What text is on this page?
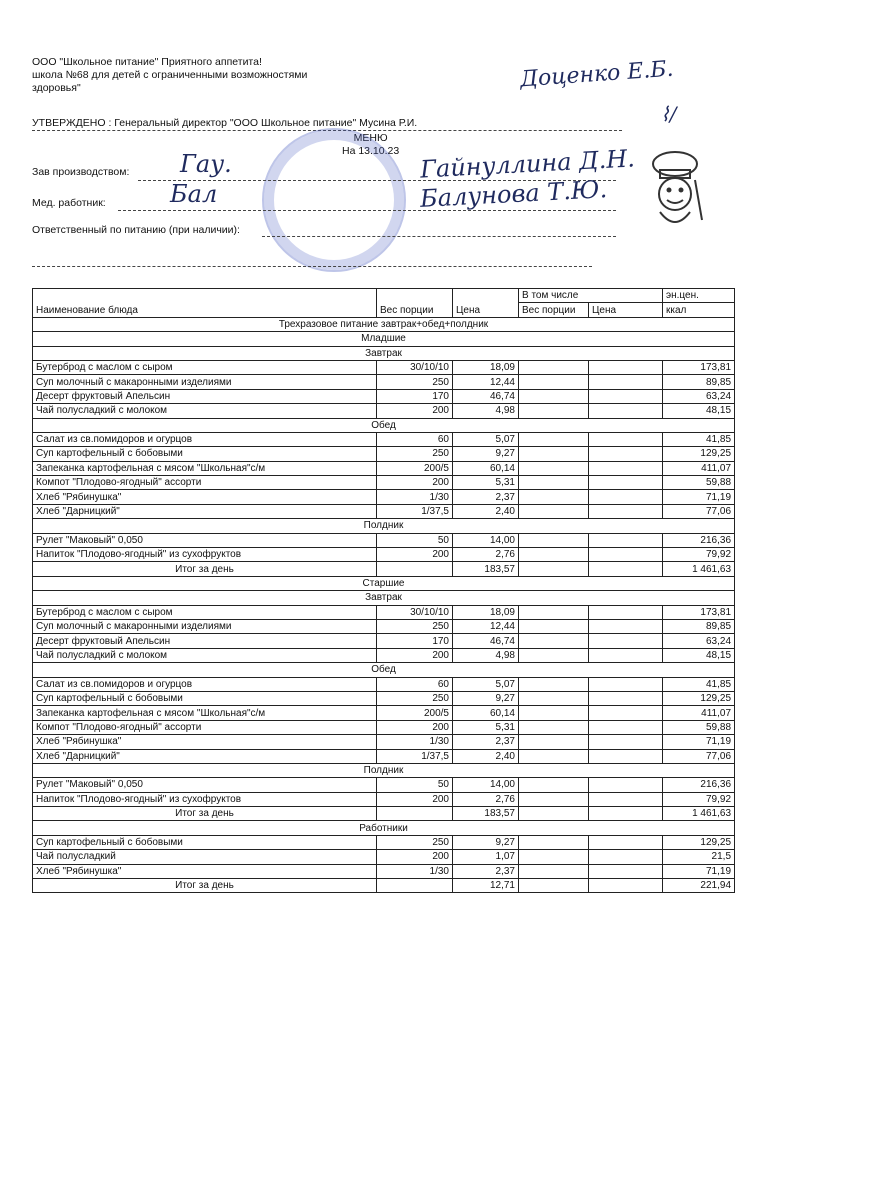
ООО "Школьное питание" Приятного аппетита!
школа №68 для детей с ограниченными возможностями
здоровья"	Доценко Е.Б.
⌇/
УТВЕРЖДЕНО : Генеральный директор "ООО Школьное питание" Мусина Р.И.
МЕНЮ
На 13.10.23
Зав производством: Гау.	Гайнуллина Д.Н.
Мед. работник:	Бал	Балунова Т.Ю.
Ответственный по питанию (при наличии):
Наименование блюда	Вес порции	Цена	В том числе		эн.цен.
			Вес порции	Цена	ккал
Трехразовое питание завтрак+обед+полдник					
Младшие					
Завтрак					
Бутерброд с маслом с сыром	30/10/10	18,09			173,81
Суп молочный с макаронными изделиями	250	12,44			89,85
Десерт фруктовый Апельсин	170	46,74			63,24
Чай полусладкий с молоком	200	4,98			48,15
Обед					
Салат из св.помидоров и огурцов	60	5,07			41,85
Суп картофельный с бобовыми	250	9,27			129,25
Запеканка картофельная с мясом "Школьная"с/м	200/5	60,14			411,07
Компот "Плодово-ягодный" ассорти	200	5,31			59,88
Хлеб "Рябинушка"	1/30	2,37			71,19
Хлеб "Дарницкий"	1/37,5	2,40			77,06
Полдник					
Рулет "Маковый" 0,050	50	14,00			216,36
Напиток "Плодово-ягодный" из сухофруктов	200	2,76			79,92
Итог за день		183,57			1 461,63
Старшие					
Завтрак					
Бутерброд с маслом с сыром	30/10/10	18,09			173,81
Суп молочный с макаронными изделиями	250	12,44			89,85
Десерт фруктовый Апельсин	170	46,74			63,24
Чай полусладкий с молоком	200	4,98			48,15
Обед					
Салат из св.помидоров и огурцов	60	5,07			41,85
Суп картофельный с бобовыми	250	9,27			129,25
Запеканка картофельная с мясом "Школьная"с/м	200/5	60,14			411,07
Компот "Плодово-ягодный" ассорти	200	5,31			59,88
Хлеб "Рябинушка"	1/30	2,37			71,19
Хлеб "Дарницкий"	1/37,5	2,40			77,06
Полдник					
Рулет "Маковый" 0,050	50	14,00			216,36
Напиток "Плодово-ягодный" из сухофруктов	200	2,76			79,92
Итог за день		183,57			1 461,63
Работники					
Суп картофельный с бобовыми	250	9,27			129,25
Чай полусладкий	200	1,07			21,5
Хлеб "Рябинушка"	1/30	2,37			71,19
Итог за день		12,71			221,94
